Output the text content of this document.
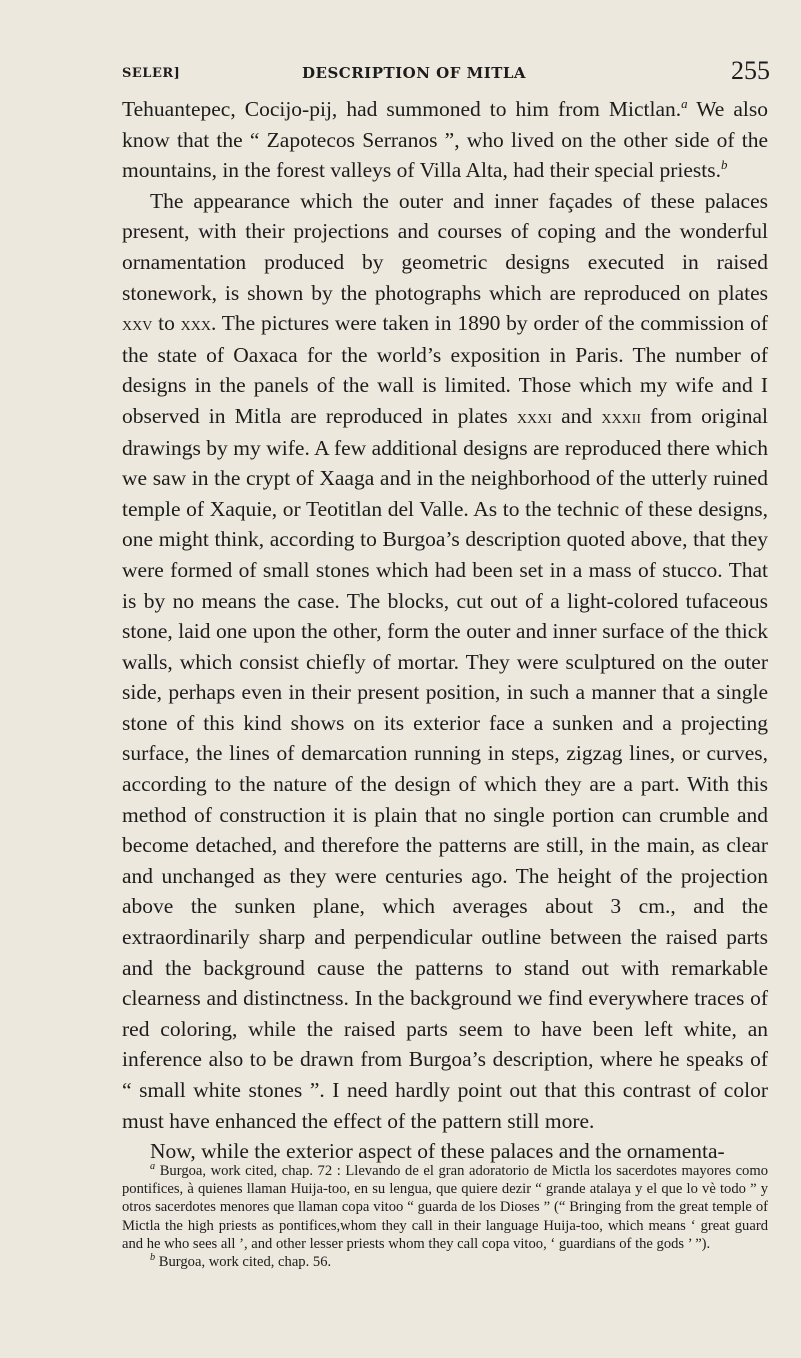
SELER]	DESCRIPTION OF MITLA	255

Tehuantepec, Cocijo-pij, had summoned to him from Mictlan.$^a$ We also know that the “ Zapotecos Serranos ”, who lived on the other side of the mountains, in the forest valleys of Villa Alta, had their special priests.$^b$

The appearance which the outer and inner façades of these palaces present, with their projections and courses of coping and the wonderful ornamentation produced by geometric designs executed in raised stonework, is shown by the photographs which are reproduced on plates xxv to xxx. The pictures were taken in 1890 by order of the commission of the state of Oaxaca for the world’s exposition in Paris. The number of designs in the panels of the wall is limited. Those which my wife and I observed in Mitla are reproduced in plates xxxi and xxxii from original drawings by my wife. A few additional designs are reproduced there which we saw in the crypt of Xaaga and in the neighborhood of the utterly ruined temple of Xaquie, or Teotitlan del Valle. As to the technic of these designs, one might think, according to Burgoa’s description quoted above, that they were formed of small stones which had been set in a mass of stucco. That is by no means the case. The blocks, cut out of a light-colored tufaceous stone, laid one upon the other, form the outer and inner surface of the thick walls, which consist chiefly of mortar. They were sculptured on the outer side, perhaps even in their present position, in such a manner that a single stone of this kind shows on its exterior face a sunken and a projecting surface, the lines of demarcation running in steps, zigzag lines, or curves, according to the nature of the design of which they are a part. With this method of construction it is plain that no single portion can crumble and become detached, and therefore the patterns are still, in the main, as clear and unchanged as they were centuries ago. The height of the projection above the sunken plane, which averages about 3 cm., and the extraordinarily sharp and perpendicular outline between the raised parts and the background cause the patterns to stand out with remarkable clearness and distinctness. In the background we find everywhere traces of red coloring, while the raised parts seem to have been left white, an inference also to be drawn from Burgoa’s description, where he speaks of “ small white stones ”. I need hardly point out that this contrast of color must have enhanced the effect of the pattern still more.

Now, while the exterior aspect of these palaces and the ornamenta-

$^a$ Burgoa, work cited, chap. 72 : Llevando de el gran adoratorio de Mictla los sacerdotes mayores como pontifices, à quienes llaman Huija-too, en su lengua, que quiere dezir “ grande atalaya y el que lo vè todo ” y otros sacerdotes menores que llaman copa vitoo “ guarda de los Dioses ” (“ Bringing from the great temple of Mictla the high priests as pontifices,whom they call in their language Huija-too, which means ‘ great guard and he who sees all ’, and other lesser priests whom they call copa vitoo, ‘ guardians of the gods ’ ”).

$^b$ Burgoa, work cited, chap. 56.
